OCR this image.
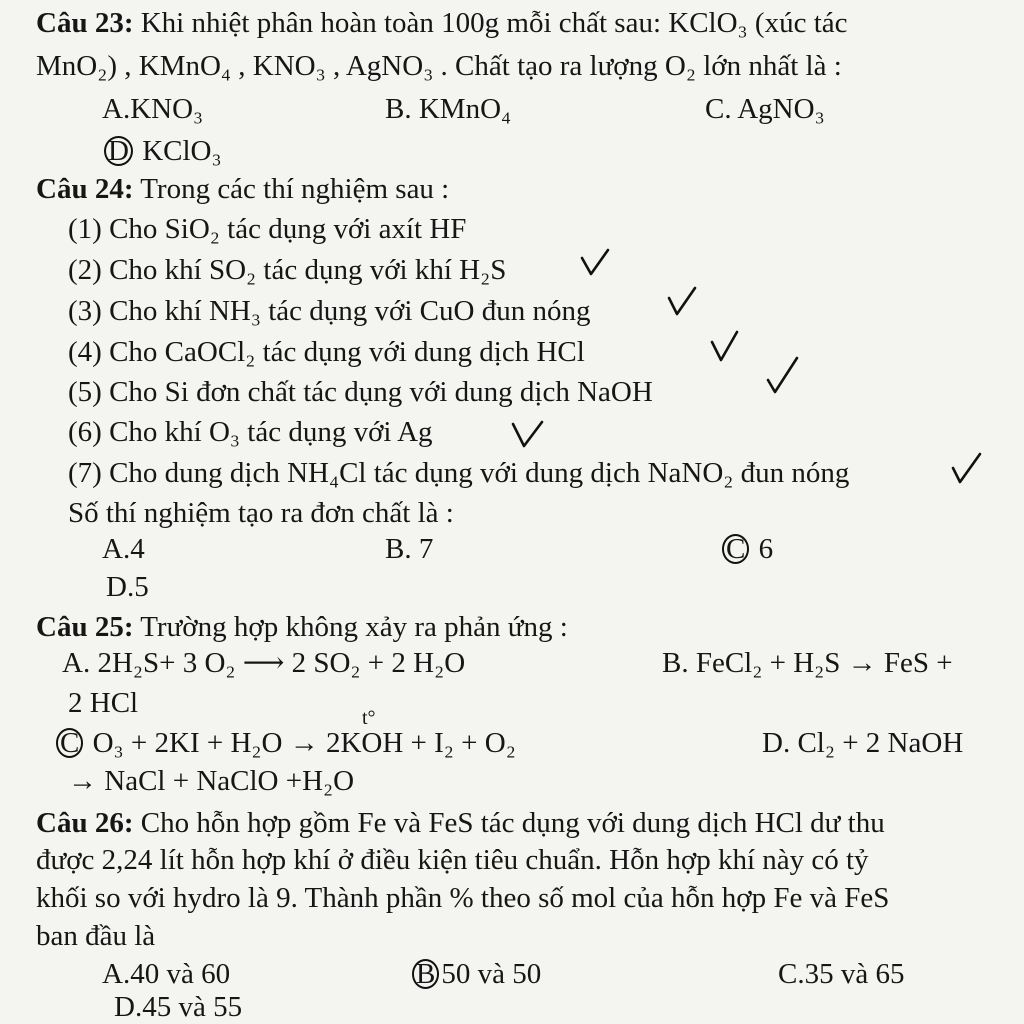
Câu 23: Khi nhiệt phân hoàn toàn 100g mỗi chất sau: KClO₃ (xúc tác
MnO₂) , KMnO₄ , KNO₃ , AgNO₃ . Chất tạo ra lượng O₂ lớn nhất là :
A.KNO₃	B. KMnO₄	C. AgNO₃
D KClO₃
Câu 24: Trong các thí nghiệm sau :
(1) Cho SiO₂ tác dụng với axít HF
(2) Cho khí SO₂ tác dụng với khí H₂S
(3) Cho khí NH₃ tác dụng với CuO đun nóng
(4) Cho CaOCl₂ tác dụng với dung dịch HCl
(5) Cho Si đơn chất tác dụng với dung dịch NaOH
(6) Cho khí O₃ tác dụng với Ag
(7) Cho dung dịch NH₄Cl tác dụng với dung dịch NaNO₂ đun nóng
Số thí nghiệm tạo ra đơn chất là :
A.4	B. 7	C 6
D.5
Câu 25: Trường hợp không xảy ra phản ứng :
A. 2H₂S+ 3 O₂ ⟶ 2 SO₂ + 2 H₂O	B. FeCl₂ + H₂S → FeS +
2 HCl
C O₃ + 2KI + H₂O → 2KOH + I₂ + O₂
t°
D. Cl₂ + 2 NaOH
→ NaCl + NaClO +H₂O
Câu 26: Cho hỗn hợp gồm Fe và FeS tác dụng với dung dịch HCl dư thu
được 2,24 lít hỗn hợp khí ở điều kiện tiêu chuẩn. Hỗn hợp khí này có tỷ
khối so với hydro là 9. Thành phần % theo số mol của hỗn hợp Fe và FeS
ban đầu là
A.40 và 60	B 50 và 50	C.35 và 65
D.45 và 55
